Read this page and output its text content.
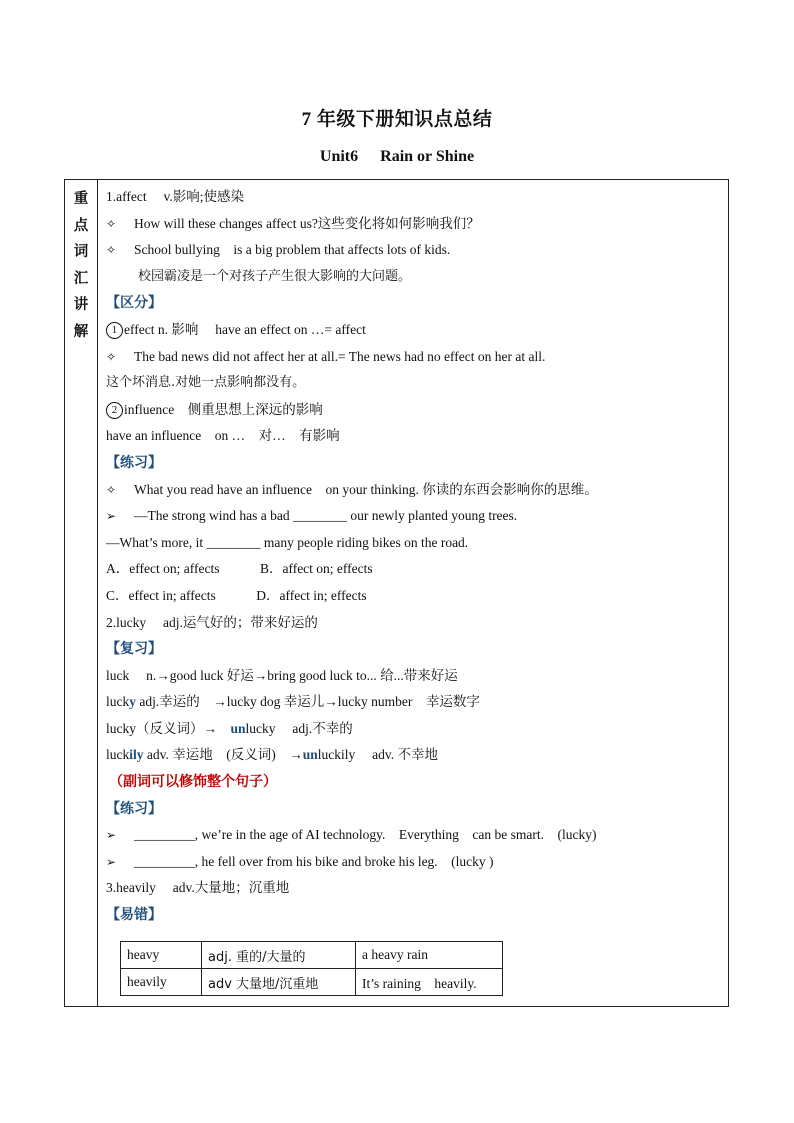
7 年级下册知识点总结
Unit6 Rain or Shine
重
点
词
汇
讲
解
1.affect　 v.影响;使感染
✧ How will these changes affect us?这些变化将如何影响我们？
✧ School bullying　is a big problem that affects lots of kids.
校园霸凌是一个对孩子产生很大影响的大问题。
【区分】
1 effect n. 影响　 have an effect on …= affect
✧ The bad news did not affect her at all.= The news had no effect on her at all.
这个坏消息.对她一点影响都没有。
2 influence　侧重思想上深远的影响
have an influence　on …　对…　有影响
【练习】
✧ What you read have an influence　on your thinking. 你读的东西会影响你的思维。
➢ —The strong wind has a bad ________ our newly planted young trees.
—What’s more, it ________ many people riding bikes on the road.
A．effect on; affects　　　B．affect on; effects
C．effect in; affects　　　D．affect in; effects
2.lucky　 adj.运气好的；带来好运的
【复习】
luck　 n.→good luck 好运→bring good luck to... 给...带来好运
lucky adj.幸运的　→lucky dog 幸运儿→lucky number　幸运数字
lucky（反义词）→　unlucky　 adj.不幸的
luckily adv. 幸运地　(反义词)　→unluckily　 adv. 不幸地
（副词可以修饰整个句子）
【练习】
➢ _________, we’re in the age of AI technology.　Everything　can be smart.　(lucky)
➢ _________, he fell over from his bike and broke his leg.　(lucky )
3.heavily　 adv.大量地；沉重地
【易错】
heavy	adj. 重的/大量的	a heavy rain
heavily	adv 大量地/沉重地	It’s raining　heavily.
